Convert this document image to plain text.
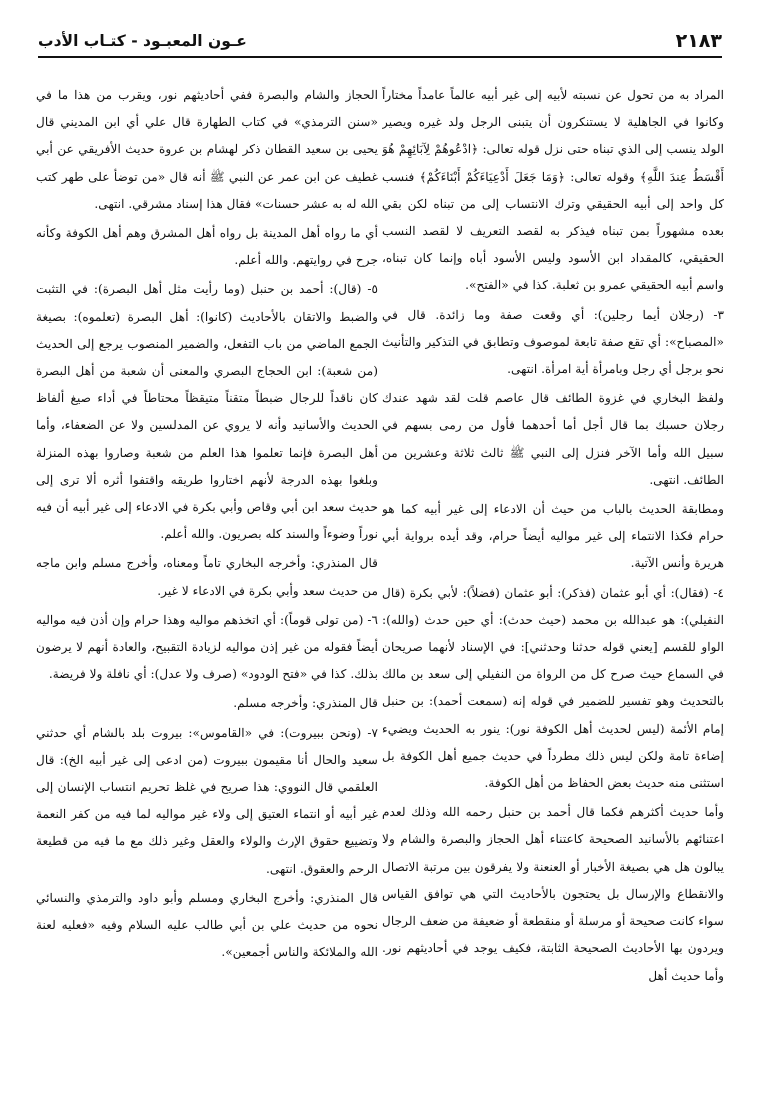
عـون المعبـود - كتـاب الأدب	٢١٨٣

المراد به من تحول عن نسبته لأبيه إلى غير أبيه عالماً عامداً مختاراً وكانوا في الجاهلية لا يستنكرون أن يتبنى الرجل ولد غيره ويصير الولد ينسب إلى الذي تبناه حتى نزل قوله تعالى: ﴿ادْعُوهُمْ لِآبَائِهِمْ هُوَ أَقْسَطُ عِندَ اللَّهِ﴾ وقوله تعالى: ﴿وَمَا جَعَلَ أَدْعِيَاءَكُمْ أَبْنَاءَكُمْ﴾ فنسب كل واحد إلى أبيه الحقيقي وترك الانتساب إلى من تبناه لكن بقي بعده مشهوراً بمن تبناه فيذكر به لقصد التعريف لا لقصد النسب الحقيقي، كالمقداد ابن الأسود وليس الأسود أباه وإنما كان تبناه، واسم أبيه الحقيقي عمرو بن ثعلبة. كذا في «الفتح».

٣- (رجلان أيما رجلين): أي وقعت صفة وما زائدة. قال في «المصباح»: أي تقع صفة تابعة لموصوف وتطابق في التذكير والتأنيث نحو برجل أي رجل وبامرأة أية امرأة. انتهى.

ولفظ البخاري في غزوة الطائف قال عاصم قلت لقد شهد عندك رجلان حسبك بما قال أجل أما أحدهما فأول من رمى بسهم في سبيل الله وأما الآخر فنزل إلى النبي ﷺ ثالث ثلاثة وعشرين من الطائف. انتهى.

ومطابقة الحديث بالباب من حيث أن الادعاء إلى غير أبيه كما هو حرام فكذا الانتماء إلى غير مواليه أيضاً حرام، وقد أيده برواية أبي هريرة وأنس الآتية.

٤- (فقال): أي أبو عثمان (فذكر): أبو عثمان (فضلاً): لأبي بكرة (قال النفيلي): هو عبدالله بن محمد (حيث حدث): أي حين حدث (والله): الواو للقسم [يعني قوله حدثنا وحدثني]: في الإسناد لأنهما صريحان في السماع حيث صرح كل من الرواة من النفيلي إلى سعد بن مالك بالتحديث وهو تفسير للضمير في قوله إنه (سمعت أحمد): بن حنبل إمام الأئمة (ليس لحديث أهل الكوفة نور): ينور به الحديث ويضيء إضاءة تامة ولكن ليس ذلك مطرداً في حديث جميع أهل الكوفة بل استثنى منه حديث بعض الحفاظ من أهل الكوفة.

وأما حديث أكثرهم فكما قال أحمد بن حنبل رحمه الله وذلك لعدم اعتنائهم بالأسانيد الصحيحة كاعتناء أهل الحجاز والبصرة والشام ولا يبالون هل هي بصيغة الأخبار أو العنعنة ولا يفرقون بين مرتبة الاتصال والانقطاع والإرسال بل يحتجون بالأحاديث التي هي توافق القياس سواء كانت صحيحة أو مرسلة أو منقطعة أو ضعيفة من ضعف الرجال ويردون بها الأحاديث الصحيحة الثابتة، فكيف يوجد في أحاديثهم نور. وأما حديث أهل

الحجاز والشام والبصرة ففي أحاديثهم نور، ويقرب من هذا ما في «سنن الترمذي» في كتاب الطهارة قال علي أي ابن المديني قال يحيى بن سعيد القطان ذكر لهشام بن عروة حديث الأفريقي عن أبي غطيف عن ابن عمر عن النبي ﷺ أنه قال «من توضأ على طهر كتب الله له به عشر حسنات» فقال هذا إسناد مشرقي. انتهى.

أي ما رواه أهل المدينة بل رواه أهل المشرق وهم أهل الكوفة وكأنه جرح في روايتهم. والله أعلم.

٥- (قال): أحمد بن حنبل (وما رأيت مثل أهل البصرة): في التثبت والضبط والاتقان بالأحاديث (كانوا): أهل البصرة (تعلموه): بصيغة الجمع الماضي من باب التفعل، والضمير المنصوب يرجع إلى الحديث (من شعبة): ابن الحجاج البصري والمعنى أن شعبة من أهل البصرة كان ناقداً للرجال ضبطاً متقناً متيقظاً محتاطاً في أداء صيغ ألفاظ الحديث والأسانيد وأنه لا يروي عن المدلسين ولا عن الضعفاء، وأما أهل البصرة فإنما تعلموا هذا العلم من شعبة وصاروا بهذه المنزلة وبلغوا بهذه الدرجة لأنهم اختاروا طريقه واقتفوا أثره ألا ترى إلى حديث سعد ابن أبي وقاص وأبي بكرة في الادعاء إلى غير أبيه أن فيه نوراً وضوءاً والسند كله بصريون. والله أعلم.

قال المنذري: وأخرجه البخاري تاماً ومعناه، وأخرج مسلم وابن ماجه من حديث سعد وأبي بكرة في الادعاء لا غير.

٦- (من تولى قوماً): أي اتخذهم مواليه وهذا حرام وإن أذن فيه مواليه أيضاً فقوله من غير إذن مواليه لزيادة التقبيح، والعادة أنهم لا يرضون بذلك. كذا في «فتح الودود» (صرف ولا عدل): أي نافلة ولا فريضة.

قال المنذري: وأخرجه مسلم.

٧- (ونحن ببيروت): في «القاموس»: بيروت بلد بالشام أي حدثني سعيد والحال أنا مقيمون ببيروت (من ادعى إلى غير أبيه الخ): قال العلقمي قال النووي: هذا صريح في غلظ تحريم انتساب الإنسان إلى غير أبيه أو انتماء العتيق إلى ولاء غير مواليه لما فيه من كفر النعمة وتضييع حقوق الإرث والولاء والعقل وغير ذلك مع ما فيه من قطيعة الرحم والعقوق. انتهى.

قال المنذري: وأخرج البخاري ومسلم وأبو داود والترمذي والنسائي نحوه من حديث علي بن أبي طالب عليه السلام وفيه «فعليه لعنة الله والملائكة والناس أجمعين».
